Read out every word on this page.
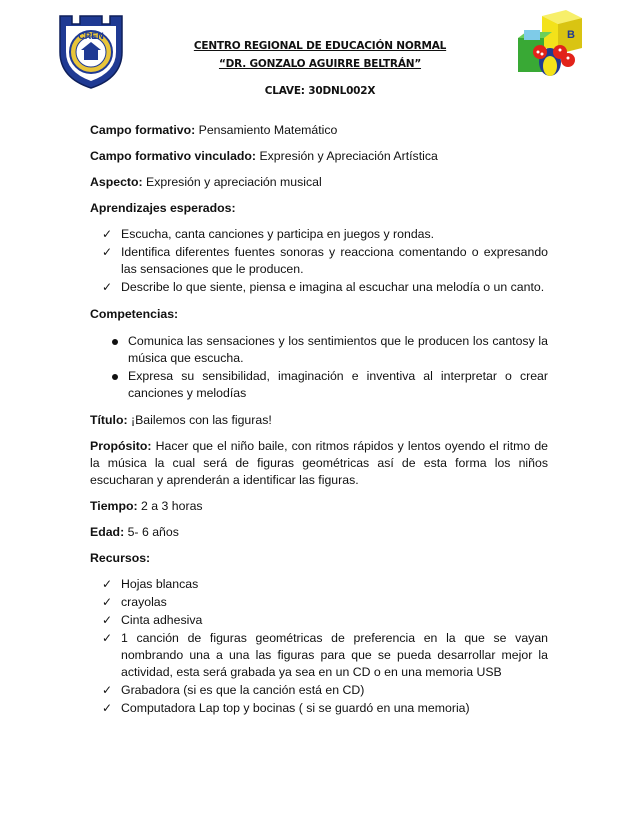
CREN
CENTRO REGIONAL DE EDUCACIÓN NORMAL
“DR. GONZALO AGUIRRE BELTRÁN”
CLAVE: 30DNL002X
B

Campo formativo: Pensamiento Matemático

Campo formativo vinculado: Expresión y Apreciación Artística

Aspecto: Expresión y apreciación musical

Aprendizajes esperados:

✓ Escucha, canta canciones y participa en juegos y rondas.
✓ Identifica diferentes fuentes sonoras y reacciona comentando o expresando las sensaciones que le producen.
✓ Describe lo que siente, piensa e imagina al escuchar una melodía o un canto.

Competencias:

Comunica las sensaciones y los sentimientos que le producen los cantosy la música que escucha.
Expresa su sensibilidad, imaginación e inventiva al interpretar o crear canciones y melodías

Título: ¡Bailemos con las figuras!

Propósito: Hacer que el niño baile, con ritmos rápidos y lentos oyendo el ritmo de la música la cual será de figuras geométricas así de esta forma los niños escucharan y aprenderán a identificar las figuras.

Tiempo: 2 a 3 horas

Edad: 5- 6 años

Recursos:

✓ Hojas blancas
✓ crayolas
✓ Cinta adhesiva
✓ 1 canción de figuras geométricas de preferencia en la que se vayan nombrando una a una las figuras para que se pueda desarrollar mejor la actividad, esta será grabada ya sea en un CD o en una memoria USB
✓ Grabadora (si es que la canción está en CD)
✓ Computadora Lap top y bocinas ( si se guardó en una memoria)
